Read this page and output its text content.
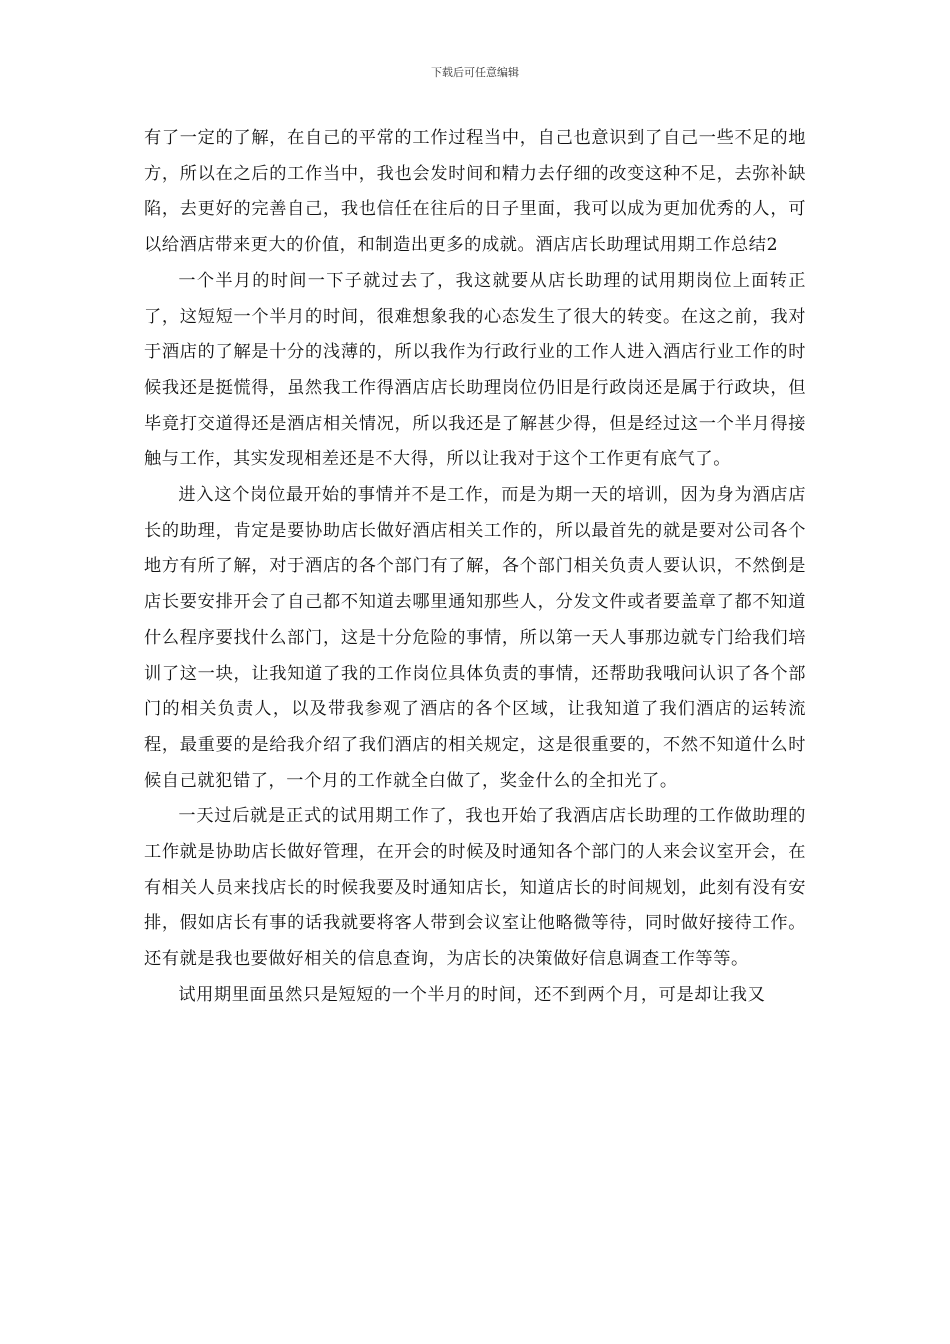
下载后可任意编辑

有了一定的了解，在自己的平常的工作过程当中，自己也意识到了自己一些不足的地方，所以在之后的工作当中，我也会发时间和精力去仔细的改变这种不足，去弥补缺陷，去更好的完善自己，我也信任在往后的日子里面，我可以成为更加优秀的人，可以给酒店带来更大的价值，和制造出更多的成就。酒店店长助理试用期工作总结2

一个半月的时间一下子就过去了，我这就要从店长助理的试用期岗位上面转正了，这短短一个半月的时间，很难想象我的心态发生了很大的转变。在这之前，我对于酒店的了解是十分的浅薄的，所以我作为行政行业的工作人进入酒店行业工作的时候我还是挺慌得，虽然我工作得酒店店长助理岗位仍旧是行政岗还是属于行政块，但毕竟打交道得还是酒店相关情况，所以我还是了解甚少得，但是经过这一个半月得接触与工作，其实发现相差还是不大得，所以让我对于这个工作更有底气了。

进入这个岗位最开始的事情并不是工作，而是为期一天的培训，因为身为酒店店长的助理，肯定是要协助店长做好酒店相关工作的，所以最首先的就是要对公司各个地方有所了解，对于酒店的各个部门有了解，各个部门相关负责人要认识，不然倒是店长要安排开会了自己都不知道去哪里通知那些人，分发文件或者要盖章了都不知道什么程序要找什么部门，这是十分危险的事情，所以第一天人事那边就专门给我们培训了这一块，让我知道了我的工作岗位具体负责的事情，还帮助我哦问认识了各个部门的相关负责人，以及带我参观了酒店的各个区域，让我知道了我们酒店的运转流程，最重要的是给我介绍了我们酒店的相关规定，这是很重要的，不然不知道什么时候自己就犯错了，一个月的工作就全白做了，奖金什么的全扣光了。

一天过后就是正式的试用期工作了，我也开始了我酒店店长助理的工作做助理的工作就是协助店长做好管理，在开会的时候及时通知各个部门的人来会议室开会，在有相关人员来找店长的时候我要及时通知店长，知道店长的时间规划，此刻有没有安排，假如店长有事的话我就要将客人带到会议室让他略微等待，同时做好接待工作。还有就是我也要做好相关的信息查询，为店长的决策做好信息调查工作等等。

试用期里面虽然只是短短的一个半月的时间，还不到两个月，可是却让我又
